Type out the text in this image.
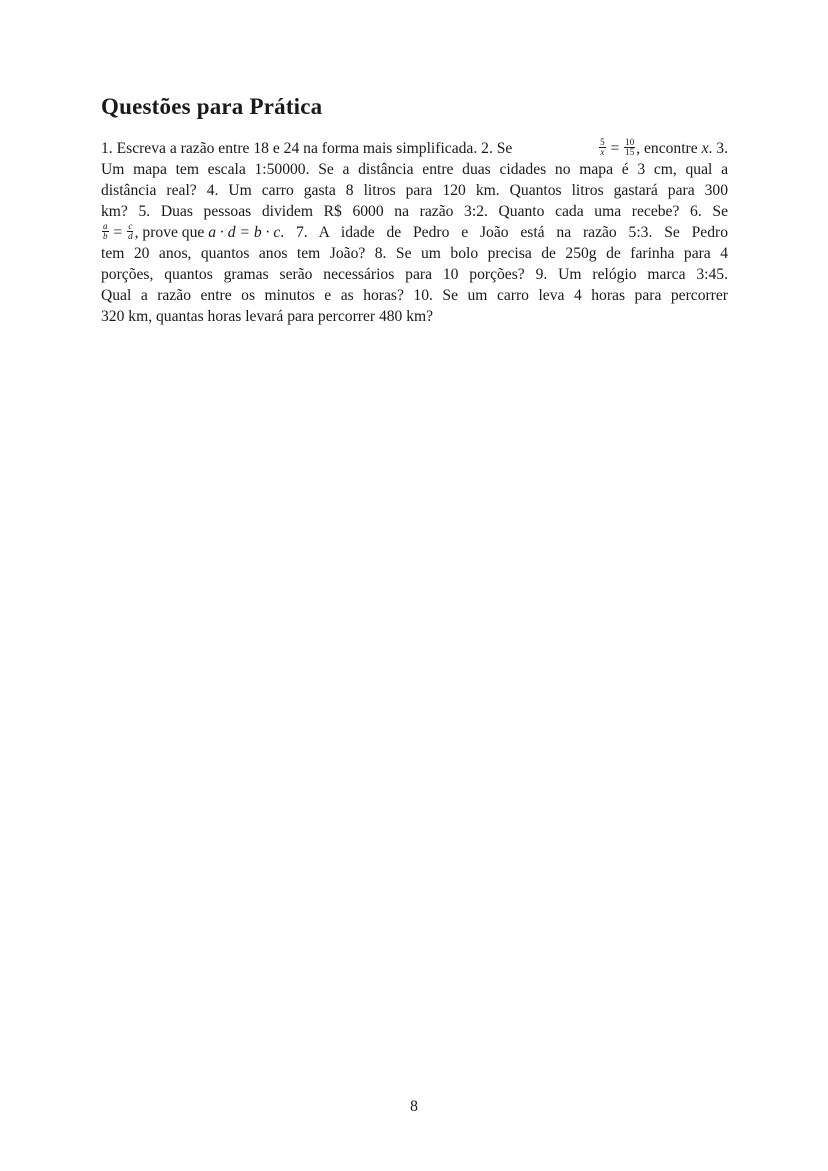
Questões para Prática
1. Escreva a razão entre 18 e 24 na forma mais simplificada. 2. Se	$\frac{5}{x} = \frac{10}{15}$ , encontre x. 3.
Um mapa tem escala 1:50000. Se a distância entre duas cidades no mapa é 3 cm, qual a
distância real? 4. Um carro gasta 8 litros para 120 km. Quantos litros gastará para 300
km? 5. Duas pessoas dividem R$ 6000 na razão 3:2. Quanto cada uma recebe? 6. Se
$\frac{a}{b} = \frac{c}{d}$ , prove que
a · d = b · c . 7. A idade de Pedro e João está na razão 5:3. Se Pedro
tem 20 anos, quantos anos tem João? 8. Se um bolo precisa de 250g de farinha para 4
porções, quantos gramas serão necessários para 10 porções? 9. Um relógio marca 3:45.
Qual a razão entre os minutos e as horas? 10. Se um carro leva 4 horas para percorrer
320 km, quantas horas levará para percorrer 480 km?
8
